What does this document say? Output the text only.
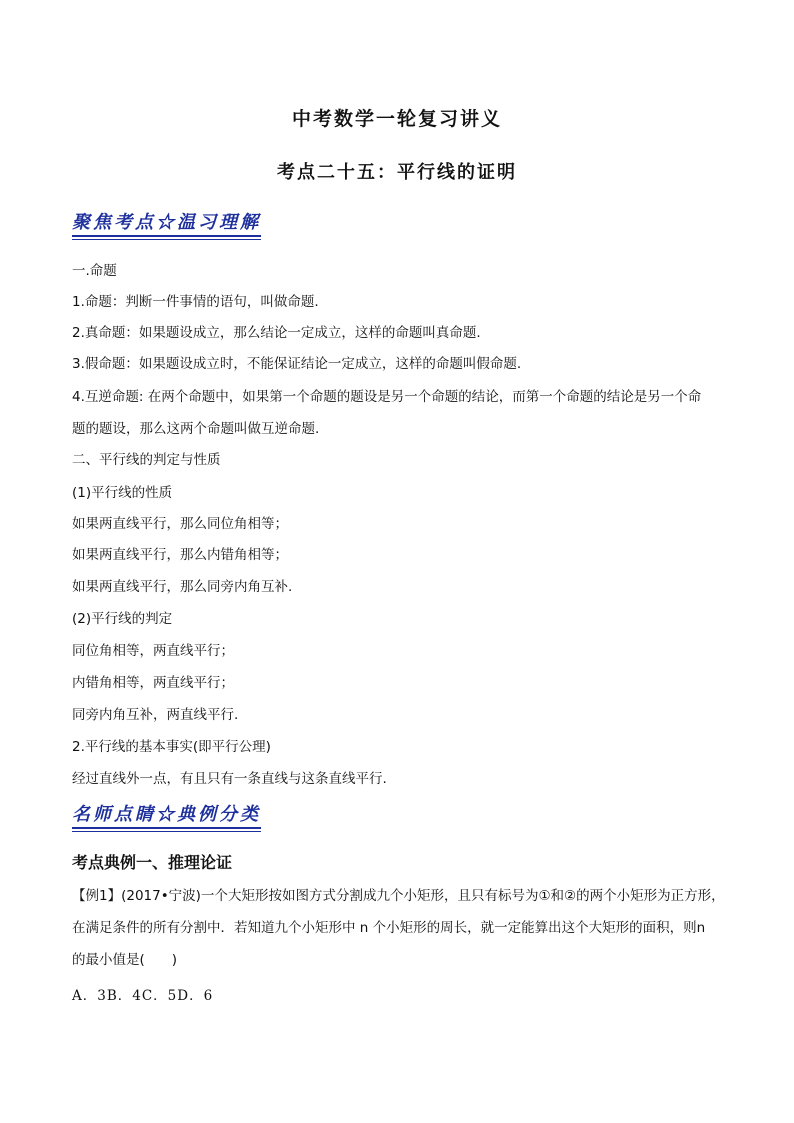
中考数学一轮复习讲义
考点二十五：平行线的证明
聚焦考点☆温习理解
一.命题
1.命题：判断一件事情的语句，叫做命题.
2.真命题：如果题设成立，那么结论一定成立，这样的命题叫真命题.
3.假命题：如果题设成立时，不能保证结论一定成立，这样的命题叫假命题.
4.互逆命题: 在两个命题中，如果第一个命题的题设是另一个命题的结论，而第一个命题的结论是另一个命
题的题设，那么这两个命题叫做互逆命题.
二、平行线的判定与性质
(1)平行线的性质
如果两直线平行，那么同位角相等；
如果两直线平行，那么内错角相等；
如果两直线平行，那么同旁内角互补.
(2)平行线的判定
同位角相等，两直线平行；
内错角相等，两直线平行；
同旁内角互补，两直线平行.
2.平行线的基本事实(即平行公理)
经过直线外一点，有且只有一条直线与这条直线平行.
名师点睛☆典例分类
考点典例一、推理论证
【例1】(2017•宁波)一个大矩形按如图方式分割成九个小矩形，且只有标号为①和②的两个小矩形为正方形，
在满足条件的所有分割中．若知道九个小矩形中 n 个小矩形的周长，就一定能算出这个大矩形的面积，则n
的最小值是(　　)
A．3B．4C．5D．6
